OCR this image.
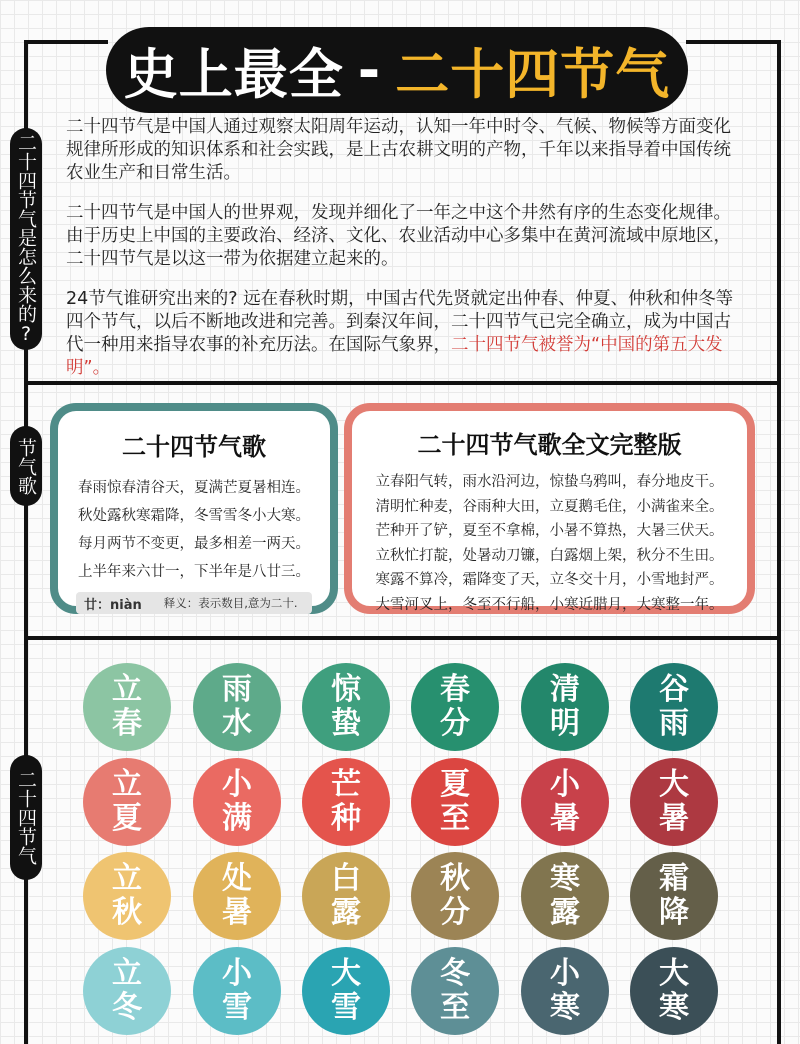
史上最全 - 二十四节气
二十四节气是怎么来的?
节气歌
二十四节气

二十四节气是中国人通过观察太阳周年运动，认知一年中时令、气候、物候等方面变化规律所形成的知识体系和社会实践，是上古农耕文明的产物，千年以来指导着中国传统农业生产和日常生活。

二十四节气是中国人的世界观，发现并细化了一年之中这个井然有序的生态变化规律。由于历史上中国的主要政治、经济、文化、农业活动中心多集中在黄河流域中原地区，二十四节气是以这一带为依据建立起来的。

24节气谁研究出来的? 远在春秋时期，中国古代先贤就定出仲春、仲夏、仲秋和仲冬等四个节气，以后不断地改进和完善。到秦汉年间，二十四节气已完全确立，成为中国古代一种用来指导农事的补充历法。在国际气象界，二十四节气被誉为“中国的第五大发明”。

二十四节气歌
春雨惊春清谷天，夏满芒夏暑相连。
秋处露秋寒霜降，冬雪雪冬小大寒。
每月两节不变更，最多相差一两天。
上半年来六廿一，下半年是八廿三。
廿：niàn 释义：表示数目,意为二十.
二十四节气歌全文完整版
立春阳气转，雨水沿河边，惊蛰乌鸦叫，春分地皮干。
清明忙种麦，谷雨种大田，立夏鹅毛住，小满雀来全。
芒种开了铲，夏至不拿棉，小暑不算热，大暑三伏天。
立秋忙打靛，处暑动刀镰，白露烟上架，秋分不生田。
寒露不算冷，霜降变了天，立冬交十月，小雪地封严。
大雪河叉上，冬至不行船，小寒近腊月，大寒整一年。
立
春
雨
水
惊
蛰
春
分
清
明
谷
雨
立
夏
小
满
芒
种
夏
至
小
暑
大
暑
立
秋
处
暑
白
露
秋
分
寒
露
霜
降
立
冬
小
雪
大
雪
冬
至
小
寒
大
寒
